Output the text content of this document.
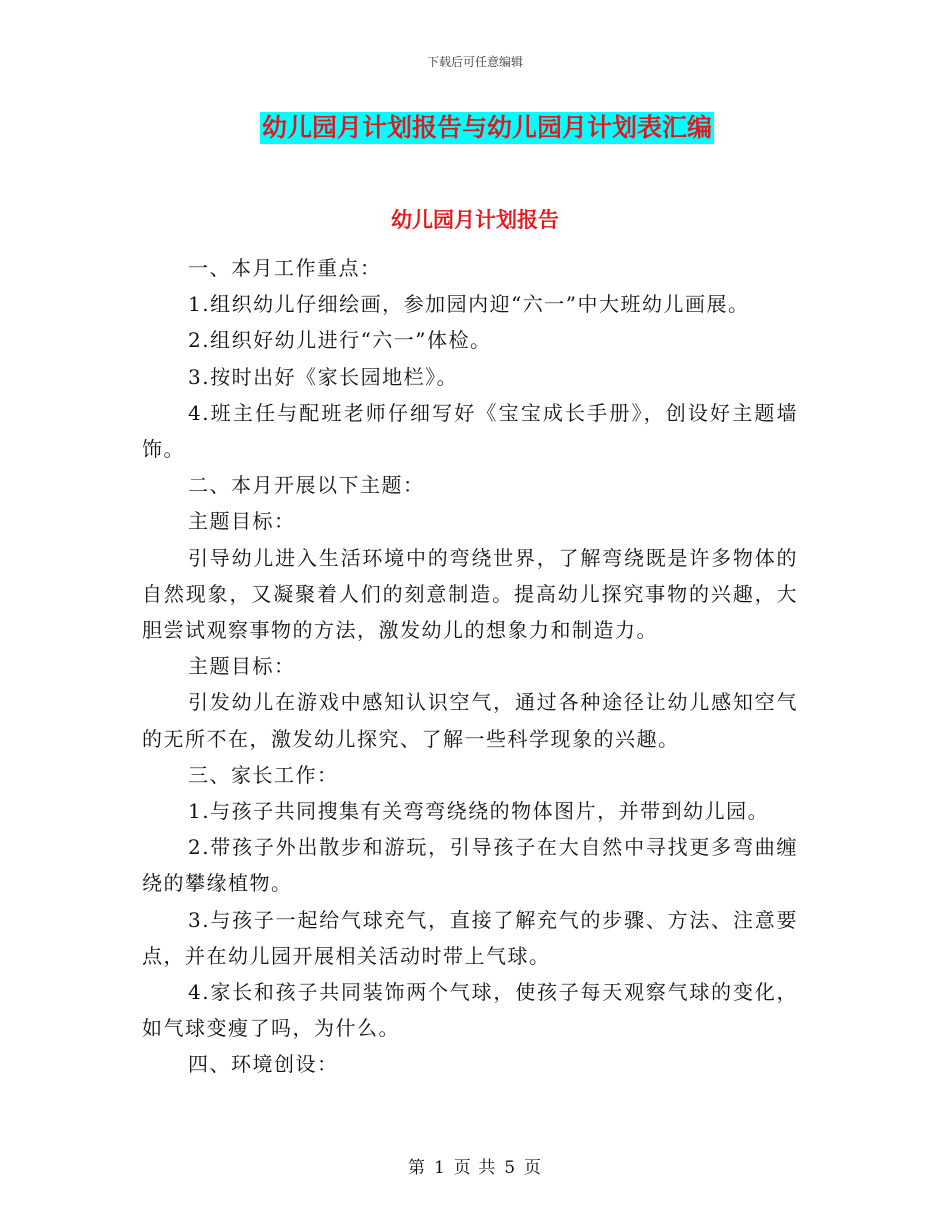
下载后可任意编辑
幼儿园月计划报告与幼儿园月计划表汇编
幼儿园月计划报告

一、本月工作重点：

1.组织幼儿仔细绘画，参加园内迎“六一”中大班幼儿画展。

2.组织好幼儿进行“六一”体检。

3.按时出好《家长园地栏》。

4.班主任与配班老师仔细写好《宝宝成长手册》，创设好主题墙饰。

二、本月开展以下主题：

主题目标：

引导幼儿进入生活环境中的弯绕世界，了解弯绕既是许多物体的自然现象，又凝聚着人们的刻意制造。提高幼儿探究事物的兴趣，大胆尝试观察事物的方法，激发幼儿的想象力和制造力。

主题目标：

引发幼儿在游戏中感知认识空气，通过各种途径让幼儿感知空气的无所不在，激发幼儿探究、了解一些科学现象的兴趣。

三、家长工作：

1.与孩子共同搜集有关弯弯绕绕的物体图片，并带到幼儿园。

2.带孩子外出散步和游玩，引导孩子在大自然中寻找更多弯曲缠绕的攀缘植物。

3.与孩子一起给气球充气，直接了解充气的步骤、方法、注意要点，并在幼儿园开展相关活动时带上气球。

4.家长和孩子共同装饰两个气球，使孩子每天观察气球的变化，如气球变瘦了吗，为什么。

四、环境创设：

第 1 页 共 5 页
